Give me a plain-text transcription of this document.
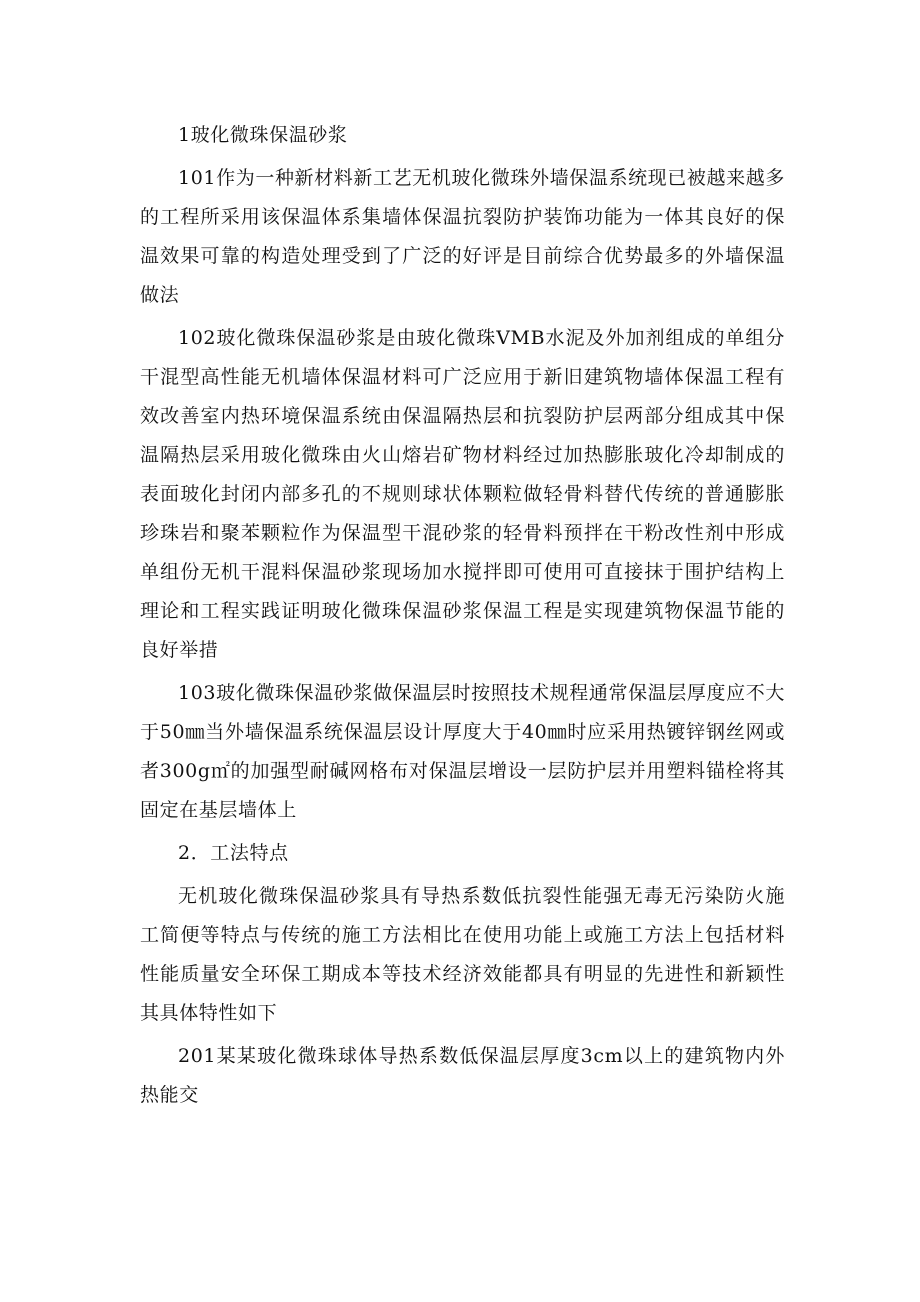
1玻化微珠保温砂浆

101作为一种新材料新工艺无机玻化微珠外墙保温系统现已被越来越多的工程所采用该保温体系集墙体保温抗裂防护装饰功能为一体其良好的保温效果可靠的构造处理受到了广泛的好评是目前综合优势最多的外墙保温做法

102玻化微珠保温砂浆是由玻化微珠VMB水泥及外加剂组成的单组分干混型高性能无机墙体保温材料可广泛应用于新旧建筑物墙体保温工程有效改善室内热环境保温系统由保温隔热层和抗裂防护层两部分组成其中保温隔热层采用玻化微珠由火山熔岩矿物材料经过加热膨胀玻化冷却制成的表面玻化封闭内部多孔的不规则球状体颗粒做轻骨料替代传统的普通膨胀珍珠岩和聚苯颗粒作为保温型干混砂浆的轻骨料预拌在干粉改性剂中形成单组份无机干混料保温砂浆现场加水搅拌即可使用可直接抹于围护结构上理论和工程实践证明玻化微珠保温砂浆保温工程是实现建筑物保温节能的良好举措

103玻化微珠保温砂浆做保温层时按照技术规程通常保温层厚度应不大于50㎜当外墙保温系统保温层设计厚度大于40㎜时应采用热镀锌钢丝网或者300g㎡的加强型耐碱网格布对保温层增设一层防护层并用塑料锚栓将其固定在基层墙体上

2．工法特点

无机玻化微珠保温砂浆具有导热系数低抗裂性能强无毒无污染防火施工简便等特点与传统的施工方法相比在使用功能上或施工方法上包括材料性能质量安全环保工期成本等技术经济效能都具有明显的先进性和新颖性其具体特性如下

201某某玻化微珠球体导热系数低保温层厚度3cm以上的建筑物内外热能交
